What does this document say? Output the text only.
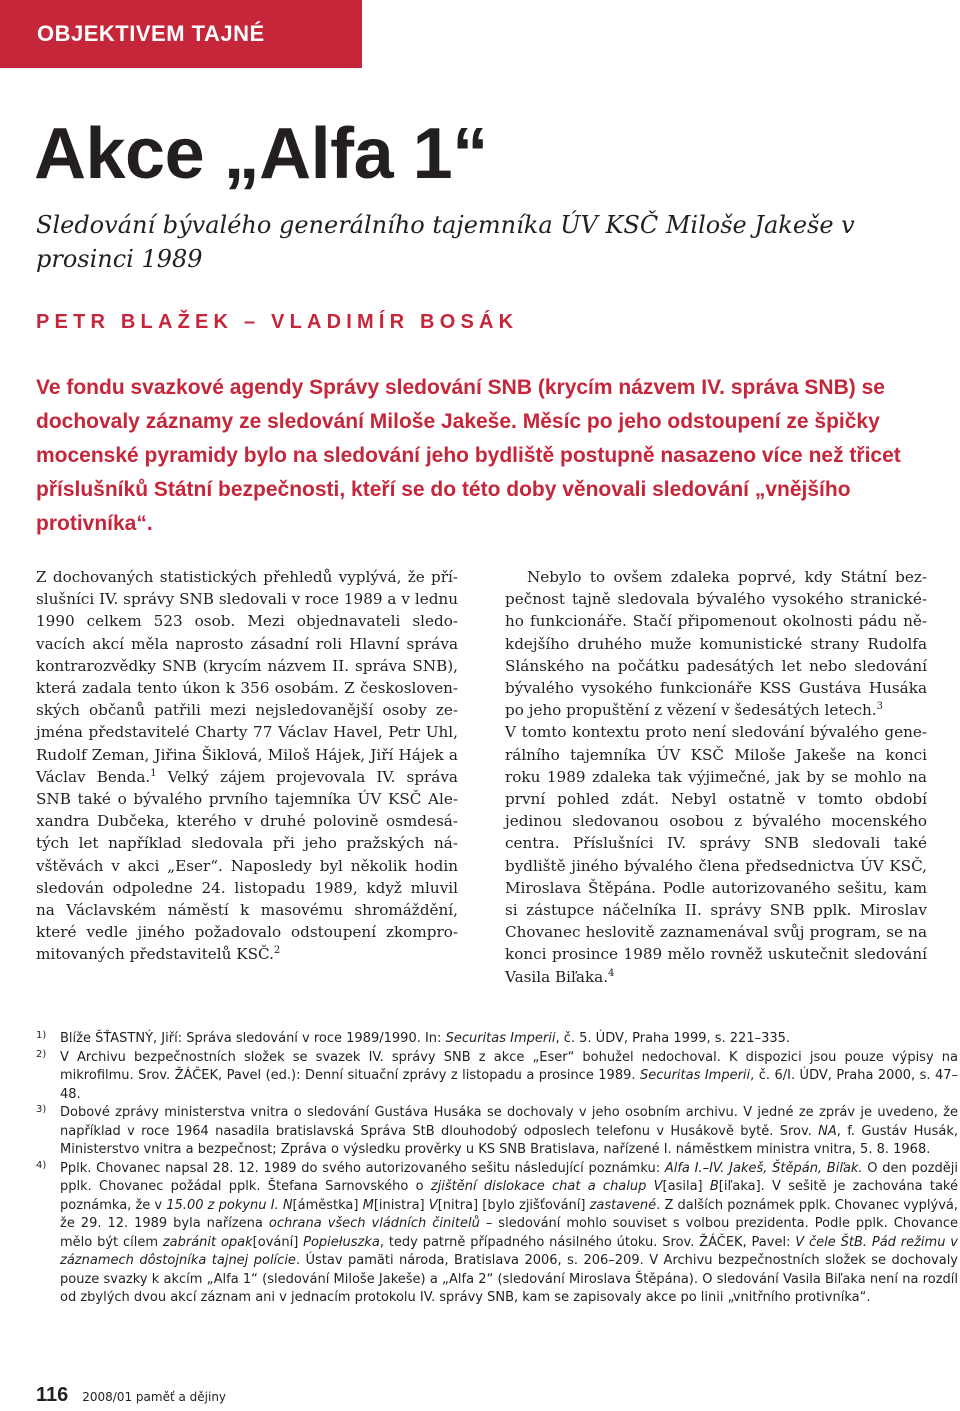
OBJEKTIVEM TAJNÉ POLICIE
Akce „Alfa 1“
Sledování bývalého generálního tajemníka ÚV KSČ Miloše Jakeše v prosinci 1989
PETR BLAŽEK – VLADIMÍR BOSÁK
Ve fondu svazkové agendy Správy sledování SNB (krycím názvem IV. správa SNB) se dochovaly záznamy ze sledování Miloše Jakeše. Měsíc po jeho odstoupení ze špičky mocenské pyramidy bylo na sledování jeho bydliště postupně nasazeno více než třicet příslušníků Státní bezpečnosti, kteří se do této doby věnovali sledování „vnějšího protivníka“.

Z dochovaných statistických přehledů vyplývá, že příslušníci IV. správy SNB sledovali v roce 1989 a v lednu 1990 celkem 523 osob. Mezi objednavateli sledovacích akcí měla naprosto zásadní roli Hlavní správa kontrarozvědky SNB (krycím názvem II. správa SNB), která zadala tento úkon k 356 osobám. Z československých občanů patřili mezi nejsledovanější osoby zejména představitelé Charty 77 Václav Havel, Petr Uhl, Rudolf Zeman, Jiřina Šiklová, Miloš Hájek, Jiří Hájek a Václav Benda.$^1$ Velký zájem projevovala IV. správa SNB také o bývalého prvního tajemníka ÚV KSČ Alexandra Dubčeka, kterého v druhé polovině osmdesátých let například sledovala při jeho pražských návštěvách v akci „Eser“. Naposledy byl několik hodin sledován odpoledne 24. listopadu 1989, když mluvil na Václavském náměstí k masovému shromáždění, které vedle jiného požadovalo odstoupení zkompromitovaných představitelů KSČ.$^2$

Nebylo to ovšem zdaleka poprvé, kdy Státní bezpečnost tajně sledovala bývalého vysokého stranického funkcionáře. Stačí připomenout okolnosti pádu někdejšího druhého muže komunistické strany Rudolfa Slánského na počátku padesátých let nebo sledování bývalého vysokého funkcionáře KSS Gustáva Husáka po jeho propuštění z vězení v šedesátých letech.$^3$

V tomto kontextu proto není sledování bývalého generálního tajemníka ÚV KSČ Miloše Jakeše na konci roku 1989 zdaleka tak výjimečné, jak by se mohlo na první pohled zdát. Nebyl ostatně v tomto období jedinou sledovanou osobou z bývalého mocenského centra. Příslušníci IV. správy SNB sledovali také bydliště jiného bývalého člena předsednictva ÚV KSČ, Miroslava Štěpána. Podle autorizovaného sešitu, kam si zástupce náčelníka II. správy SNB pplk. Miroslav Chovanec heslovitě zaznamenával svůj program, se na konci prosince 1989 mělo rovněž uskutečnit sledování Vasila Biľaka.$^4$

1) Blíže ŠŤASTNÝ, Jiří: Správa sledování v roce 1989/1990. In: Securitas Imperii, č. 5. ÚDV, Praha 1999, s. 221–335.
2) V Archivu bezpečnostních složek se svazek IV. správy SNB z akce „Eser“ bohužel nedochoval. K dispozici jsou pouze výpisy na mikrofilmu. Srov. ŽÁČEK, Pavel (ed.): Denní situační zprávy z listopadu a prosince 1989. Securitas Imperii, č. 6/I. ÚDV, Praha 2000, s. 47–48.
3) Dobové zprávy ministerstva vnitra o sledování Gustáva Husáka se dochovaly v jeho osobním archivu. V jedné ze zpráv je uvedeno, že například v roce 1964 nasadila bratislavská Správa StB dlouhodobý odposlech telefonu v Husákově bytě. Srov. NA, f. Gustáv Husák, Ministerstvo vnitra a bezpečnost; Zpráva o výsledku prověrky u KS SNB Bratislava, nařízené I. náměstkem ministra vnitra, 5. 8. 1968.
4) Pplk. Chovanec napsal 28. 12. 1989 do svého autorizovaného sešitu následující poznámku: Alfa I.–IV. Jakeš, Štěpán, Biľak. O den později pplk. Chovanec požádal pplk. Štefana Sarnovského o zjištění dislokace chat a chalup V[asila] B[iľaka]. V sešitě je zachována také poznámka, že v 15.00 z pokynu I. N[áměstka] M[inistra] V[nitra] [bylo zjišťování] zastavené. Z dalších poznámek pplk. Chovanec vyplývá, že 29. 12. 1989 byla nařízena ochrana všech vládních činitelů – sledování mohlo souviset s volbou prezidenta. Podle pplk. Chovance mělo být cílem zabránit opak[ování] Popiełuszka, tedy patrně případného násilného útoku. Srov. ŽÁČEK, Pavel: V čele ŠtB. Pád režimu v záznamech dôstojníka tajnej polície. Ústav pamäti národa, Bratislava 2006, s. 206–209. V Archivu bezpečnostních složek se dochovaly pouze svazky k akcím „Alfa 1“ (sledování Miloše Jakeše) a „Alfa 2“ (sledování Miroslava Štěpána). O sledování Vasila Biľaka není na rozdíl od zbylých dvou akcí záznam ani v jednacím protokolu IV. správy SNB, kam se zapisovaly akce po linii „vnitřního protivníka“.
116 2008/01 paměť a dějiny
